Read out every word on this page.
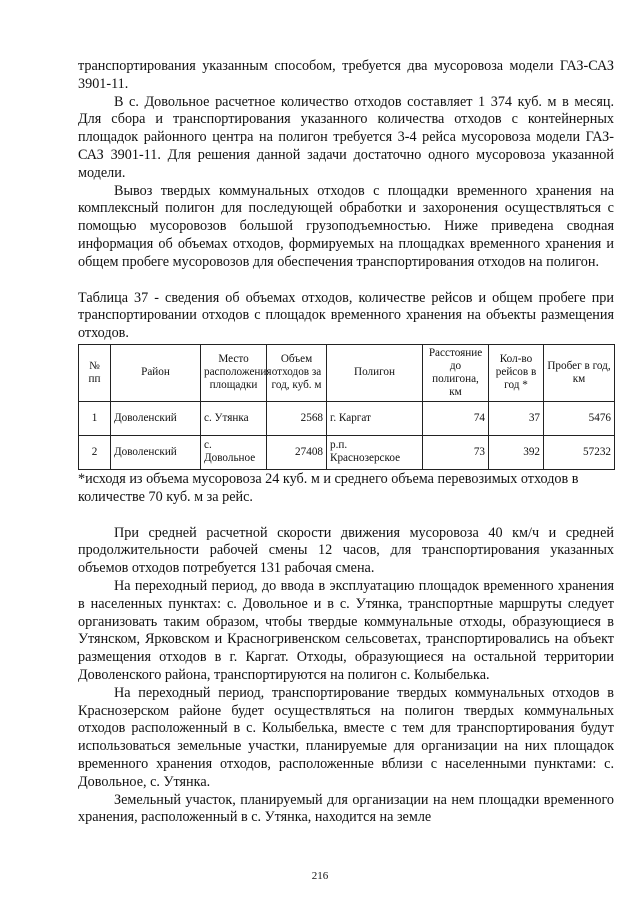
транспортирования указанным способом, требуется два мусоровоза модели ГАЗ-САЗ 3901-11.

В с. Довольное расчетное количество отходов составляет 1 374 куб. м в месяц. Для сбора и транспортирования указанного количества отходов с контейнерных площадок районного центра на полигон требуется 3-4 рейса мусоровоза модели ГАЗ-САЗ 3901-11. Для решения данной задачи достаточно одного мусоровоза указанной модели.

Вывоз твердых коммунальных отходов с площадки временного хранения на комплексный полигон для последующей обработки и захоронения осуществляться с помощью мусоровозов большой грузоподъемностью. Ниже приведена сводная информация об объемах отходов, формируемых на площадках временного хранения и общем пробеге мусоровозов для обеспечения транспортирования отходов на полигон.

Таблица 37 - сведения об объемах отходов, количестве рейсов и общем пробеге при транспортировании отходов с площадок временного хранения на объекты размещения отходов.

№ пп	Район	Место расположения площадки	Объем отходов за год, куб. м	Полигон	Расстояние до полигона, км	Кол-во рейсов в год *	Пробег в год, км
1	Доволенский	с. Утянка	2568	г. Каргат	74	37	5476
2	Доволенский	с. Довольное	27408	р.п. Краснозерское	73	392	57232

*исходя из объема мусоровоза 24 куб. м и среднего объема перевозимых отходов в количестве 70 куб. м за рейс.

При средней расчетной скорости движения мусоровоза 40 км/ч и средней продолжительности рабочей смены 12 часов, для транспортирования указанных объемов отходов потребуется 131 рабочая смена.

На переходный период, до ввода в эксплуатацию площадок временного хранения в населенных пунктах: с. Довольное и в с. Утянка, транспортные маршруты следует организовать таким образом, чтобы твердые коммунальные отходы, образующиеся в Утянском, Ярковском и Красногривенском сельсоветах, транспортировались на объект размещения отходов в г. Каргат. Отходы, образующиеся на остальной территории Доволенского района, транспортируются на полигон с. Колыбелька.

На переходный период, транспортирование твердых коммунальных отходов в Краснозерском районе будет осуществляться на полигон твердых коммунальных отходов расположенный в с. Колыбелька, вместе с тем для транспортирования будут использоваться земельные участки, планируемые для организации на них площадок временного хранения отходов, расположенные вблизи с населенными пунктами: с. Довольное, с. Утянка.

Земельный участок, планируемый для организации на нем площадки временного хранения, расположенный в с. Утянка, находится на земле

216
